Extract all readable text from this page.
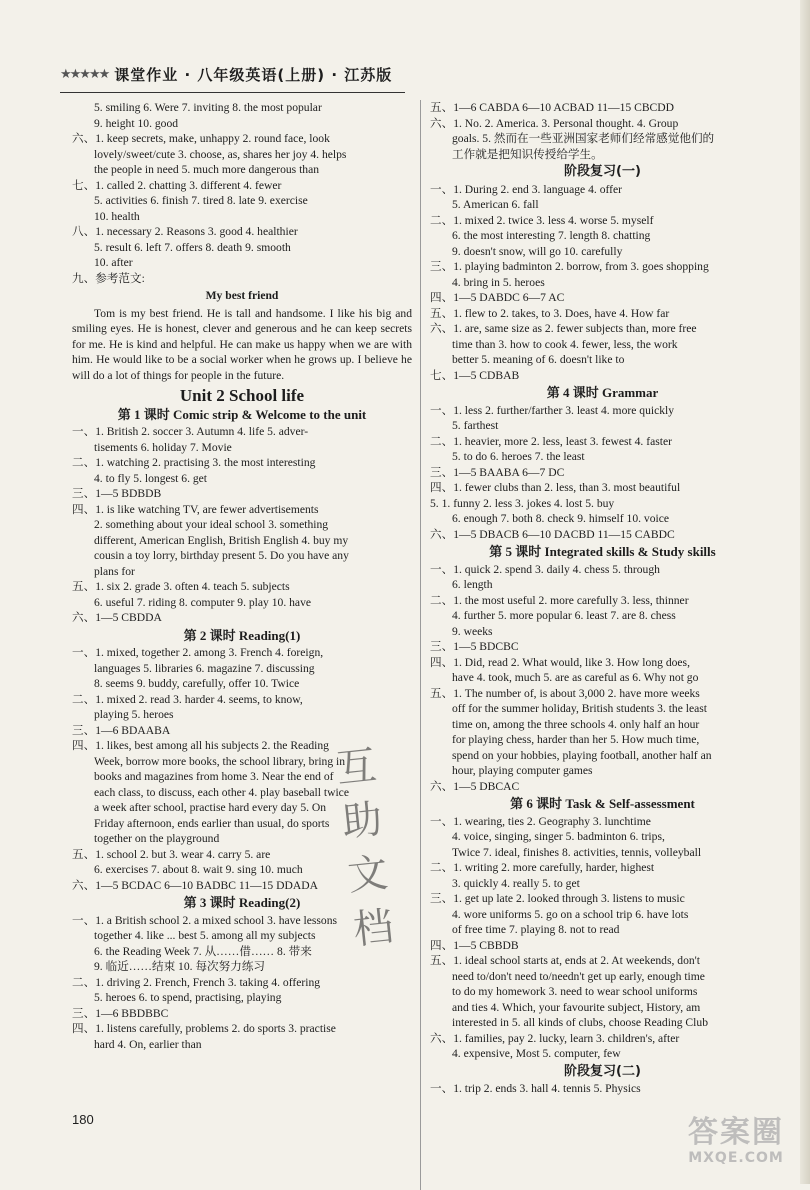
★★★★★ 课堂作业 · 八年级英语(上册) · 江苏版
5. smiling 6. Were 7. inviting 8. the most popular
9. height 10. good
六、1. keep secrets, make, unhappy 2. round face, look
lovely/sweet/cute 3. choose, as, shares her joy 4. helps
the people in need 5. much more dangerous than
七、1. called 2. chatting 3. different 4. fewer
5. activities 6. finish 7. tired 8. late 9. exercise
10. health
八、1. necessary 2. Reasons 3. good 4. healthier
5. result 6. left 7. offers 8. death 9. smooth
10. after
九、参考范文:
My best friend
Tom is my best friend. He is tall and handsome. I like his big and smiling eyes. He is honest, clever and generous and he can keep secrets for me. He is kind and helpful. He can make us happy when we are with him. He would like to be a social worker when he grows up. I believe he will do a lot of things for people in the future.
Unit 2 School life
第 1 课时 Comic strip & Welcome to the unit
一、1. British 2. soccer 3. Autumn 4. life 5. adver-
tisements 6. holiday 7. Movie
二、1. watching 2. practising 3. the most interesting
4. to fly 5. longest 6. get
三、1—5 BDBDB
四、1. is like watching TV, are fewer advertisements
2. something about your ideal school 3. something
different, American English, British English 4. buy my
cousin a toy lorry, birthday present 5. Do you have any
plans for
五、1. six 2. grade 3. often 4. teach 5. subjects
6. useful 7. riding 8. computer 9. play 10. have
六、1—5 CBDDA
第 2 课时 Reading(1)
一、1. mixed, together 2. among 3. French 4. foreign,
languages 5. libraries 6. magazine 7. discussing
8. seems 9. buddy, carefully, offer 10. Twice
二、1. mixed 2. read 3. harder 4. seems, to know,
playing 5. heroes
三、1—6 BDAABA
四、1. likes, best among all his subjects 2. the Reading
Week, borrow more books, the school library, bring in
books and magazines from home 3. Near the end of
each class, to discuss, each other 4. play baseball twice
a week after school, practise hard every day 5. On
Friday afternoon, ends earlier than usual, do sports
together on the playground
五、1. school 2. but 3. wear 4. carry 5. are
6. exercises 7. about 8. wait 9. sing 10. much
六、1—5 BCDAC 6—10 BADBC 11—15 DDADA
第 3 课时 Reading(2)
一、1. a British school 2. a mixed school 3. have lessons
together 4. like ... best 5. among all my subjects
6. the Reading Week 7. 从……借…… 8. 带来
9. 临近……结束 10. 每次努力练习
二、1. driving 2. French, French 3. taking 4. offering
5. heroes 6. to spend, practising, playing
三、1—6 BBDBBC
四、1. listens carefully, problems 2. do sports 3. practise
hard 4. On, earlier than
五、1—6 CABDA 6—10 ACBAD 11—15 CBCDD
六、1. No. 2. America. 3. Personal thought. 4. Group
goals. 5. 然而在一些亚洲国家老师们经常感觉他们的
工作就是把知识传授给学生。
阶段复习(一)
一、1. During 2. end 3. language 4. offer
5. American 6. fall
二、1. mixed 2. twice 3. less 4. worse 5. myself
6. the most interesting 7. length 8. chatting
9. doesn't snow, will go 10. carefully
三、1. playing badminton 2. borrow, from 3. goes shopping
4. bring in 5. heroes
四、1—5 DABDC 6—7 AC
五、1. flew to 2. takes, to 3. Does, have 4. How far
六、1. are, same size as 2. fewer subjects than, more free
time than 3. how to cook 4. fewer, less, the work
better 5. meaning of 6. doesn't like to
七、1—5 CDBAB
第 4 课时 Grammar
一、1. less 2. further/farther 3. least 4. more quickly
5. farthest
二、1. heavier, more 2. less, least 3. fewest 4. faster
5. to do 6. heroes 7. the least
三、1—5 BAABA 6—7 DC
四、1. fewer clubs than 2. less, than 3. most beautiful
5. 1. funny 2. less 3. jokes 4. lost 5. buy
6. enough 7. both 8. check 9. himself 10. voice
六、1—5 DBACB 6—10 DACBD 11—15 CABDC
第 5 课时 Integrated skills & Study skills
一、1. quick 2. spend 3. daily 4. chess 5. through
6. length
二、1. the most useful 2. more carefully 3. less, thinner
4. further 5. more popular 6. least 7. are 8. chess
9. weeks
三、1—5 BDCBC
四、1. Did, read 2. What would, like 3. How long does,
have 4. took, much 5. are as careful as 6. Why not go
五、1. The number of, is about 3,000 2. have more weeks
off for the summer holiday, British students 3. the least
time on, among the three schools 4. only half an hour
for playing chess, harder than her 5. How much time,
spend on your hobbies, playing football, another half an
hour, playing computer games
六、1—5 DBCAC
第 6 课时 Task & Self-assessment
一、1. wearing, ties 2. Geography 3. lunchtime
4. voice, singing, singer 5. badminton 6. trips,
Twice 7. ideal, finishes 8. activities, tennis, volleyball
二、1. writing 2. more carefully, harder, highest
3. quickly 4. really 5. to get
三、1. get up late 2. looked through 3. listens to music
4. wore uniforms 5. go on a school trip 6. have lots
of free time 7. playing 8. not to read
四、1—5 CBBDB
五、1. ideal school starts at, ends at 2. At weekends, don't
need to/don't need to/needn't get up early, enough time
to do my homework 3. need to wear school uniforms
and ties 4. Which, your favourite subject, History, am
interested in 5. all kinds of clubs, choose Reading Club
六、1. families, pay 2. lucky, learn 3. children's, after
4. expensive, Most 5. computer, few
阶段复习(二)
一、1. trip 2. ends 3. hall 4. tennis 5. Physics
互
助
文
档
180	答案圈
MXQE.COM
